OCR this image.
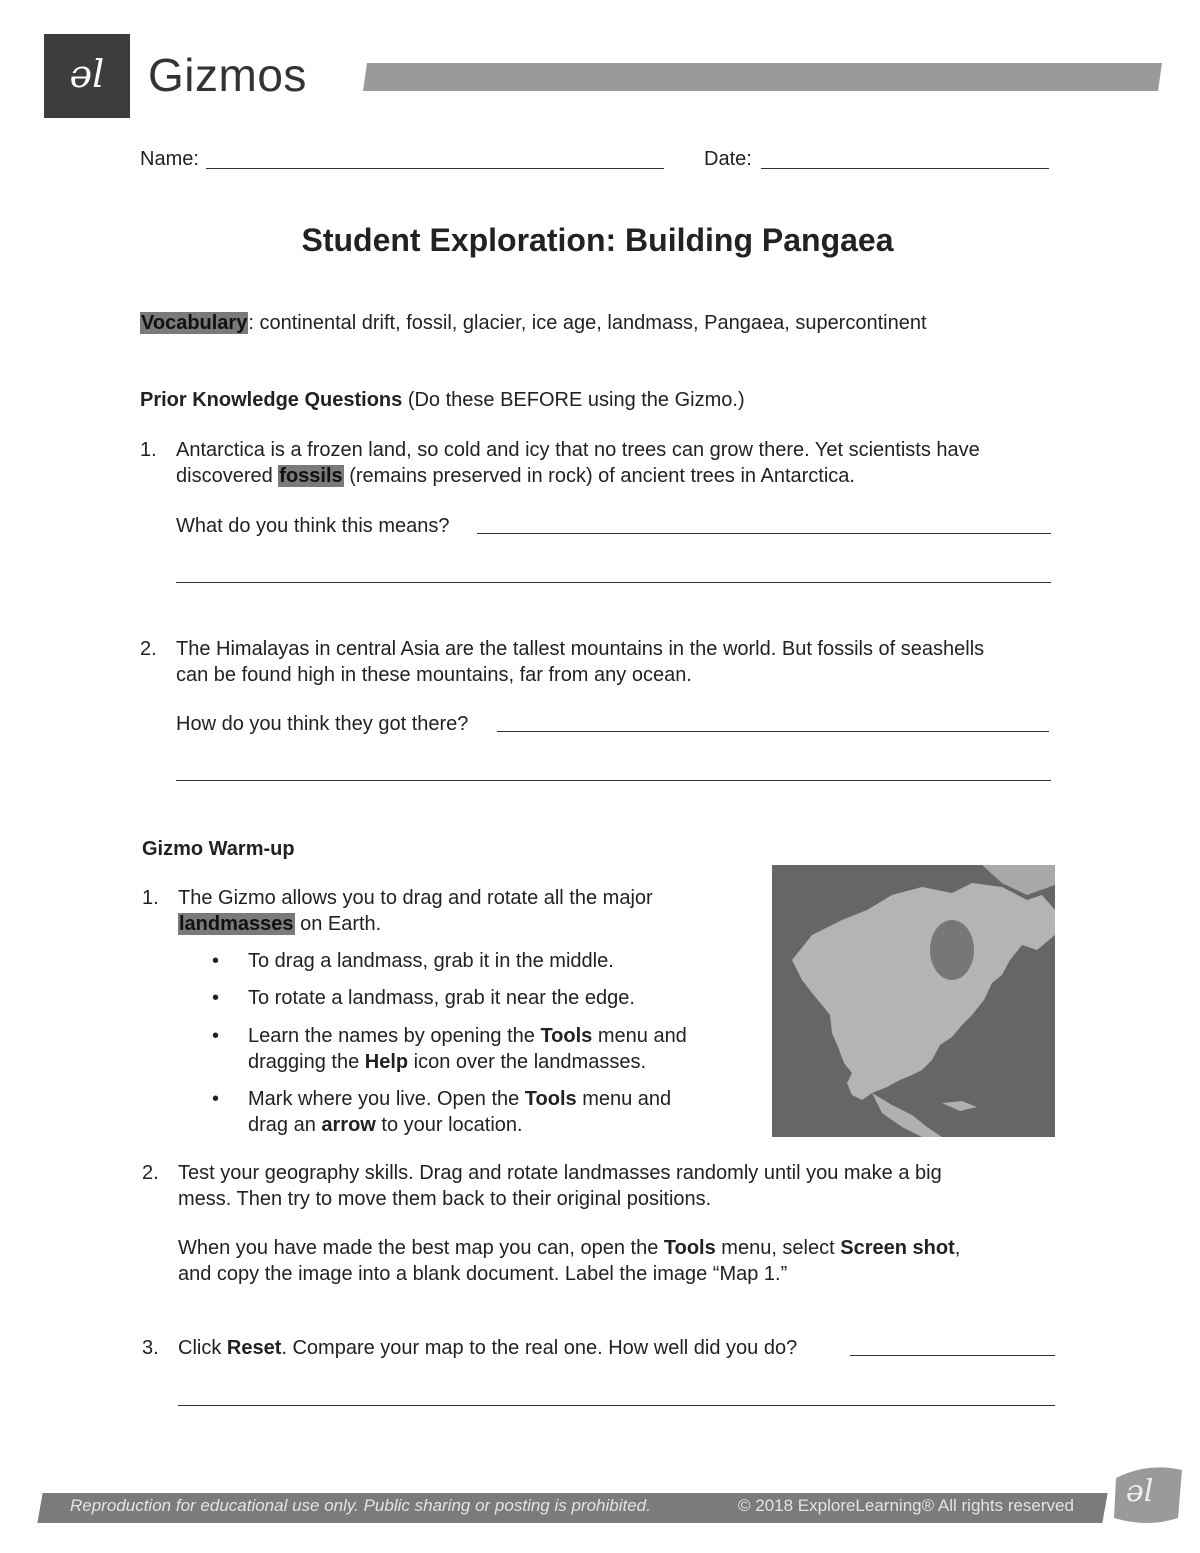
əl Gizmos
Name:	Date:
Student Exploration: Building Pangaea
Vocabulary: continental drift, fossil, glacier, ice age, landmass, Pangaea, supercontinent
Prior Knowledge Questions (Do these BEFORE using the Gizmo.)
1. Antarctica is a frozen land, so cold and icy that no trees can grow there. Yet scientists have
discovered fossils (remains preserved in rock) of ancient trees in Antarctica.
What do you think this means?
2. The Himalayas in central Asia are the tallest mountains in the world. But fossils of seashells
can be found high in these mountains, far from any ocean.
How do you think they got there?
Gizmo Warm-up
1. The Gizmo allows you to drag and rotate all the major
landmasses on Earth.
• To drag a landmass, grab it in the middle.
• To rotate a landmass, grab it near the edge.
• Learn the names by opening the Tools menu and
dragging the Help icon over the landmasses.
• Mark where you live. Open the Tools menu and
drag an arrow to your location.
2. Test your geography skills. Drag and rotate landmasses randomly until you make a big
mess. Then try to move them back to their original positions.
When you have made the best map you can, open the Tools menu, select Screen shot,
and copy the image into a blank document. Label the image “Map 1.”
3. Click Reset. Compare your map to the real one. How well did you do?
Reproduction for educational use only. Public sharing or posting is prohibited.	© 2018 ExploreLearning® All rights reserved əl
